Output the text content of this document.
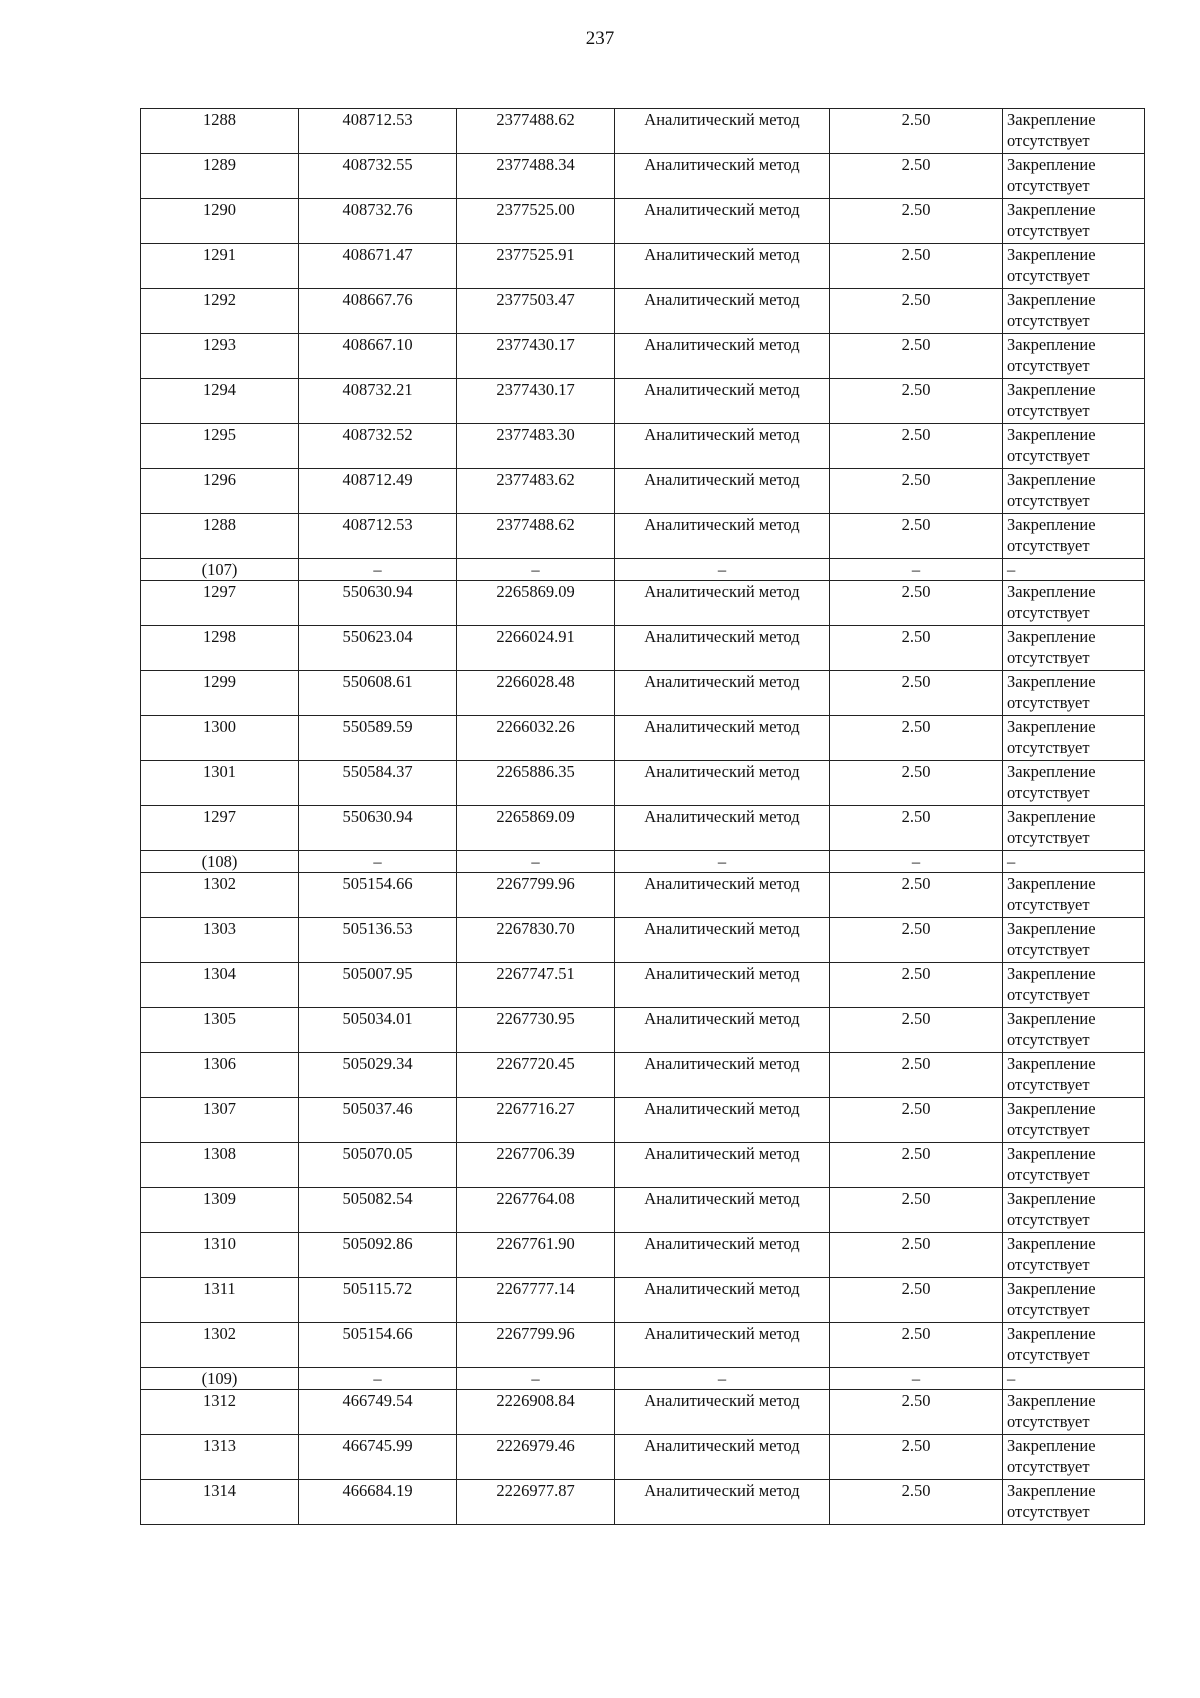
237
1288	408712.53	2377488.62	Аналитический метод	2.50	Закрепление отсутствует
1289	408732.55	2377488.34	Аналитический метод	2.50	Закрепление отсутствует
1290	408732.76	2377525.00	Аналитический метод	2.50	Закрепление отсутствует
1291	408671.47	2377525.91	Аналитический метод	2.50	Закрепление отсутствует
1292	408667.76	2377503.47	Аналитический метод	2.50	Закрепление отсутствует
1293	408667.10	2377430.17	Аналитический метод	2.50	Закрепление отсутствует
1294	408732.21	2377430.17	Аналитический метод	2.50	Закрепление отсутствует
1295	408732.52	2377483.30	Аналитический метод	2.50	Закрепление отсутствует
1296	408712.49	2377483.62	Аналитический метод	2.50	Закрепление отсутствует
1288	408712.53	2377488.62	Аналитический метод	2.50	Закрепление отсутствует
(107)	–	–	–	–	–
1297	550630.94	2265869.09	Аналитический метод	2.50	Закрепление отсутствует
1298	550623.04	2266024.91	Аналитический метод	2.50	Закрепление отсутствует
1299	550608.61	2266028.48	Аналитический метод	2.50	Закрепление отсутствует
1300	550589.59	2266032.26	Аналитический метод	2.50	Закрепление отсутствует
1301	550584.37	2265886.35	Аналитический метод	2.50	Закрепление отсутствует
1297	550630.94	2265869.09	Аналитический метод	2.50	Закрепление отсутствует
(108)	–	–	–	–	–
1302	505154.66	2267799.96	Аналитический метод	2.50	Закрепление отсутствует
1303	505136.53	2267830.70	Аналитический метод	2.50	Закрепление отсутствует
1304	505007.95	2267747.51	Аналитический метод	2.50	Закрепление отсутствует
1305	505034.01	2267730.95	Аналитический метод	2.50	Закрепление отсутствует
1306	505029.34	2267720.45	Аналитический метод	2.50	Закрепление отсутствует
1307	505037.46	2267716.27	Аналитический метод	2.50	Закрепление отсутствует
1308	505070.05	2267706.39	Аналитический метод	2.50	Закрепление отсутствует
1309	505082.54	2267764.08	Аналитический метод	2.50	Закрепление отсутствует
1310	505092.86	2267761.90	Аналитический метод	2.50	Закрепление отсутствует
1311	505115.72	2267777.14	Аналитический метод	2.50	Закрепление отсутствует
1302	505154.66	2267799.96	Аналитический метод	2.50	Закрепление отсутствует
(109)	–	–	–	–	–
1312	466749.54	2226908.84	Аналитический метод	2.50	Закрепление отсутствует
1313	466745.99	2226979.46	Аналитический метод	2.50	Закрепление отсутствует
1314	466684.19	2226977.87	Аналитический метод	2.50	Закрепление отсутствует
